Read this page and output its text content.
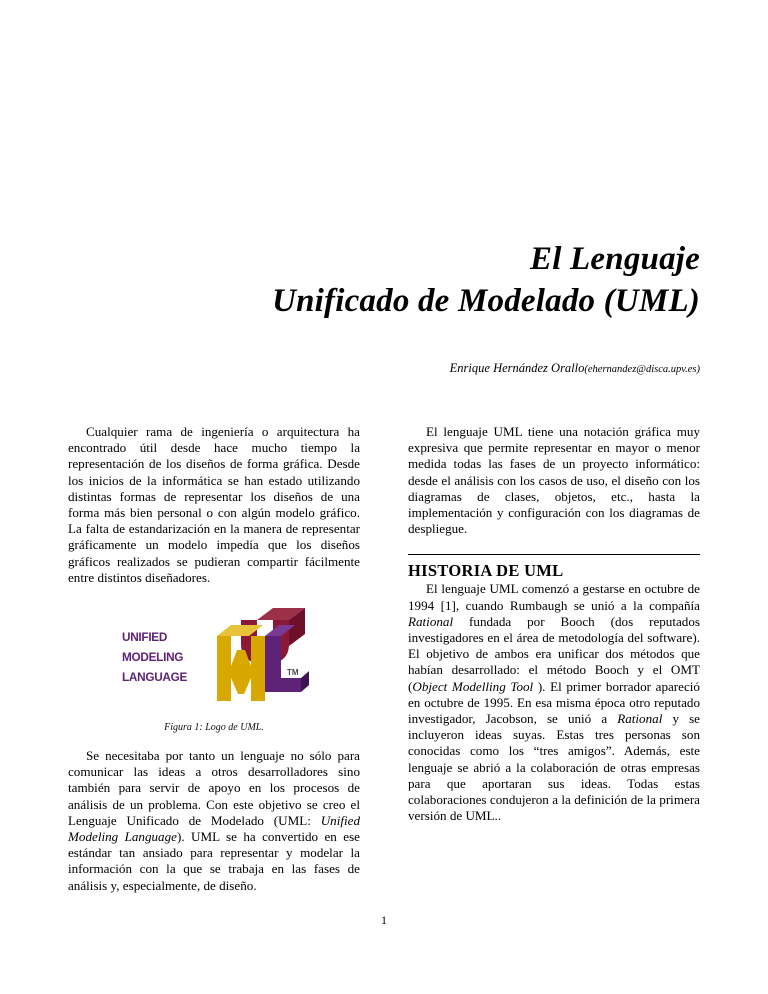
El Lenguaje
Unificado de Modelado (UML)
Enrique Hernández Orallo(ehernandez@disca.upv.es)

Cualquier rama de ingeniería o arquitectura ha encontrado útil desde hace mucho tiempo la representación de los diseños de forma gráfica. Desde los inicios de la informática se han estado utilizando distintas formas de representar los diseños de una forma más bien personal o con algún modelo gráfico. La falta de estandarización en la manera de representar gráficamente un modelo impedía que los diseños gráficos realizados se pudieran compartir fácilmente entre distintos diseñadores.

UNIFIED
MODELING
LANGUAGE	TM
Figura 1: Logo de UML.

Se necesitaba por tanto un lenguaje no sólo para comunicar las ideas a otros desarrolladores sino también para servir de apoyo en los procesos de análisis de un problema. Con este objetivo se creo el Lenguaje Unificado de Modelado (UML: Unified Modeling Language). UML se ha convertido en ese estándar tan ansiado para representar y modelar la información con la que se trabaja en las fases de análisis y, especialmente, de diseño.

El lenguaje UML tiene una notación gráfica muy expresiva que permite representar en mayor o menor medida todas las fases de un proyecto informático: desde el análisis con los casos de uso, el diseño con los diagramas de clases, objetos, etc., hasta la implementación y configuración con los diagramas de despliegue.

HISTORIA DE UML

El lenguaje UML comenzó a gestarse en octubre de 1994 [1], cuando Rumbaugh se unió a la compañía Rational fundada por Booch (dos reputados investigadores en el área de metodología del software). El objetivo de ambos era unificar dos métodos que habían desarrollado: el método Booch y el OMT (Object Modelling Tool ). El primer borrador apareció en octubre de 1995. En esa misma época otro reputado investigador, Jacobson, se unió a Rational y se incluyeron ideas suyas. Estas tres personas son conocidas como los “tres amigos”. Además, este lenguaje se abrió a la colaboración de otras empresas para que aportaran sus ideas. Todas estas colaboraciones condujeron a la definición de la primera versión de UML..

1
